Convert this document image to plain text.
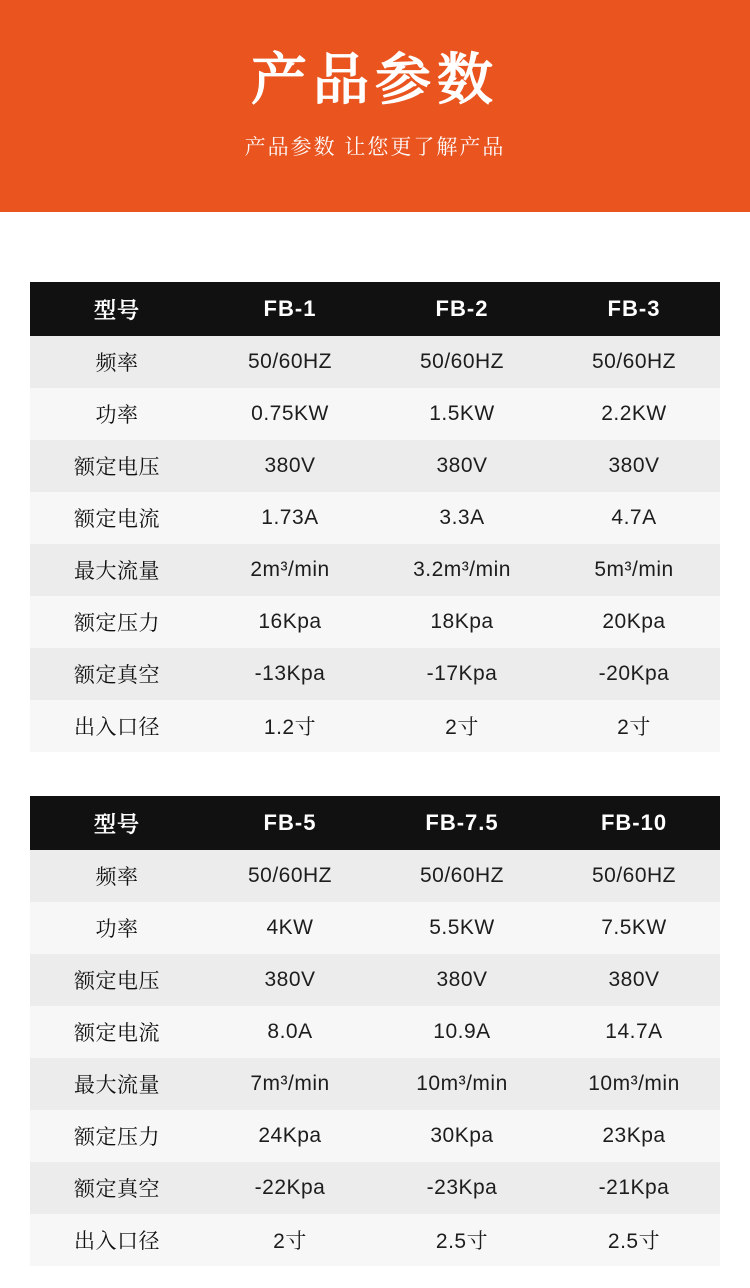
产品参数
产品参数 让您更了解产品
型号	FB-1	FB-2	FB-3
频率	50/60HZ	50/60HZ	50/60HZ
功率	0.75KW	1.5KW	2.2KW
额定电压	380V	380V	380V
额定电流	1.73A	3.3A	4.7A
最大流量	2m³/min	3.2m³/min	5m³/min
额定压力	16Kpa	18Kpa	20Kpa
额定真空	-13Kpa	-17Kpa	-20Kpa
出入口径	1.2寸	2寸	2寸
型号	FB-5	FB-7.5	FB-10
频率	50/60HZ	50/60HZ	50/60HZ
功率	4KW	5.5KW	7.5KW
额定电压	380V	380V	380V
额定电流	8.0A	10.9A	14.7A
最大流量	7m³/min	10m³/min	10m³/min
额定压力	24Kpa	30Kpa	23Kpa
额定真空	-22Kpa	-23Kpa	-21Kpa
出入口径	2寸	2.5寸	2.5寸
